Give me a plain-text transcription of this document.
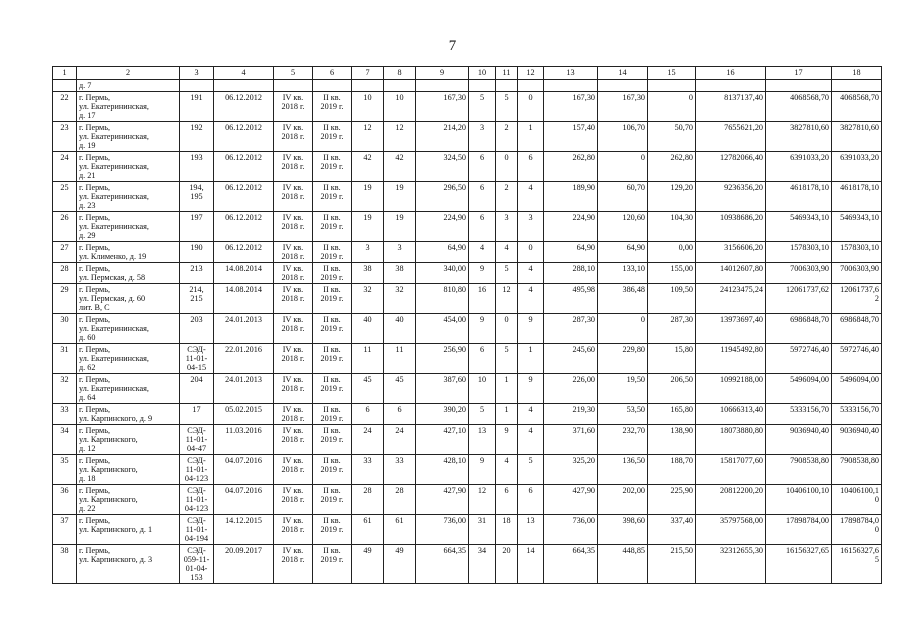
7
1	2	3	4	5	6	7	8	9	10	11	12	13	14	15	16	17	18
	д. 7																
22	г. Пермь,
ул. Екатерининская,
д. 17	191	06.12.2012	IV кв.
2018 г.	II кв.
2019 г.	10	10	167,30	5	5	0	167,30	167,30	0	8137137,40	4068568,70	4068568,70
23	г. Пермь,
ул. Екатерининская,
д. 19	192	06.12.2012	IV кв.
2018 г.	II кв.
2019 г.	12	12	214,20	3	2	1	157,40	106,70	50,70	7655621,20	3827810,60	3827810,60
24	г. Пермь,
ул. Екатерининская,
д. 21	193	06.12.2012	IV кв.
2018 г.	II кв.
2019 г.	42	42	324,50	6	0	6	262,80	0	262,80	12782066,40	6391033,20	6391033,20
25	г. Пермь,
ул. Екатерининская,
д. 23	194,
195	06.12.2012	IV кв.
2018 г.	II кв.
2019 г.	19	19	296,50	6	2	4	189,90	60,70	129,20	9236356,20	4618178,10	4618178,10
26	г. Пермь,
ул. Екатерининская,
д. 29	197	06.12.2012	IV кв.
2018 г.	II кв.
2019 г.	19	19	224,90	6	3	3	224,90	120,60	104,30	10938686,20	5469343,10	5469343,10
27	г. Пермь,
ул. Клименко, д. 19	190	06.12.2012	IV кв.
2018 г.	II кв.
2019 г.	3	3	64,90	4	4	0	64,90	64,90	0,00	3156606,20	1578303,10	1578303,10
28	г. Пермь,
ул. Пермская, д. 58	213	14.08.2014	IV кв.
2018 г.	II кв.
2019 г.	38	38	340,00	9	5	4	288,10	133,10	155,00	14012607,80	7006303,90	7006303,90
29	г. Пермь,
ул. Пермская, д. 60
лит. В, С	214,
215	14.08.2014	IV кв.
2018 г.	II кв.
2019 г.	32	32	810,80	16	12	4	495,98	386,48	109,50	24123475,24	12061737,62	12061737,6
2
30	г. Пермь,
ул. Екатерининская,
д. 60	203	24.01.2013	IV кв.
2018 г.	II кв.
2019 г.	40	40	454,00	9	0	9	287,30	0	287,30	13973697,40	6986848,70	6986848,70
31	г. Пермь,
ул. Екатерининская,
д. 62	СЭД-
11-01-
04-15	22.01.2016	IV кв.
2018 г.	II кв.
2019 г.	11	11	256,90	6	5	1	245,60	229,80	15,80	11945492,80	5972746,40	5972746,40
32	г. Пермь,
ул. Екатерининская,
д. 64	204	24.01.2013	IV кв.
2018 г.	II кв.
2019 г.	45	45	387,60	10	1	9	226,00	19,50	206,50	10992188,00	5496094,00	5496094,00
33	г. Пермь,
ул. Карпинского, д. 9	17	05.02.2015	IV кв.
2018 г.	II кв.
2019 г.	6	6	390,20	5	1	4	219,30	53,50	165,80	10666313,40	5333156,70	5333156,70
34	г. Пермь,
ул. Карпинского,
д. 12	СЭД-
11-01-
04-47	11.03.2016	IV кв.
2018 г.	II кв.
2019 г.	24	24	427,10	13	9	4	371,60	232,70	138,90	18073880,80	9036940,40	9036940,40
35	г. Пермь,
ул. Карпинского,
д. 18	СЭД-
11-01-
04-123	04.07.2016	IV кв.
2018 г.	II кв.
2019 г.	33	33	428,10	9	4	5	325,20	136,50	188,70	15817077,60	7908538,80	7908538,80
36	г. Пермь,
ул. Карпинского,
д. 22	СЭД-
11-01-
04-123	04.07.2016	IV кв.
2018 г.	II кв.
2019 г.	28	28	427,90	12	6	6	427,90	202,00	225,90	20812200,20	10406100,10	10406100,1
0
37	г. Пермь,
ул. Карпинского, д. 1	СЭД-
11-01-
04-194	14.12.2015	IV кв.
2018 г.	II кв.
2019 г.	61	61	736,00	31	18	13	736,00	398,60	337,40	35797568,00	17898784,00	17898784,0
0
38	г. Пермь,
ул. Карпинского, д. 3	СЭД-
059-11-
01-04-
153	20.09.2017	IV кв.
2018 г.	II кв.
2019 г.	49	49	664,35	34	20	14	664,35	448,85	215,50	32312655,30	16156327,65	16156327,6
5
